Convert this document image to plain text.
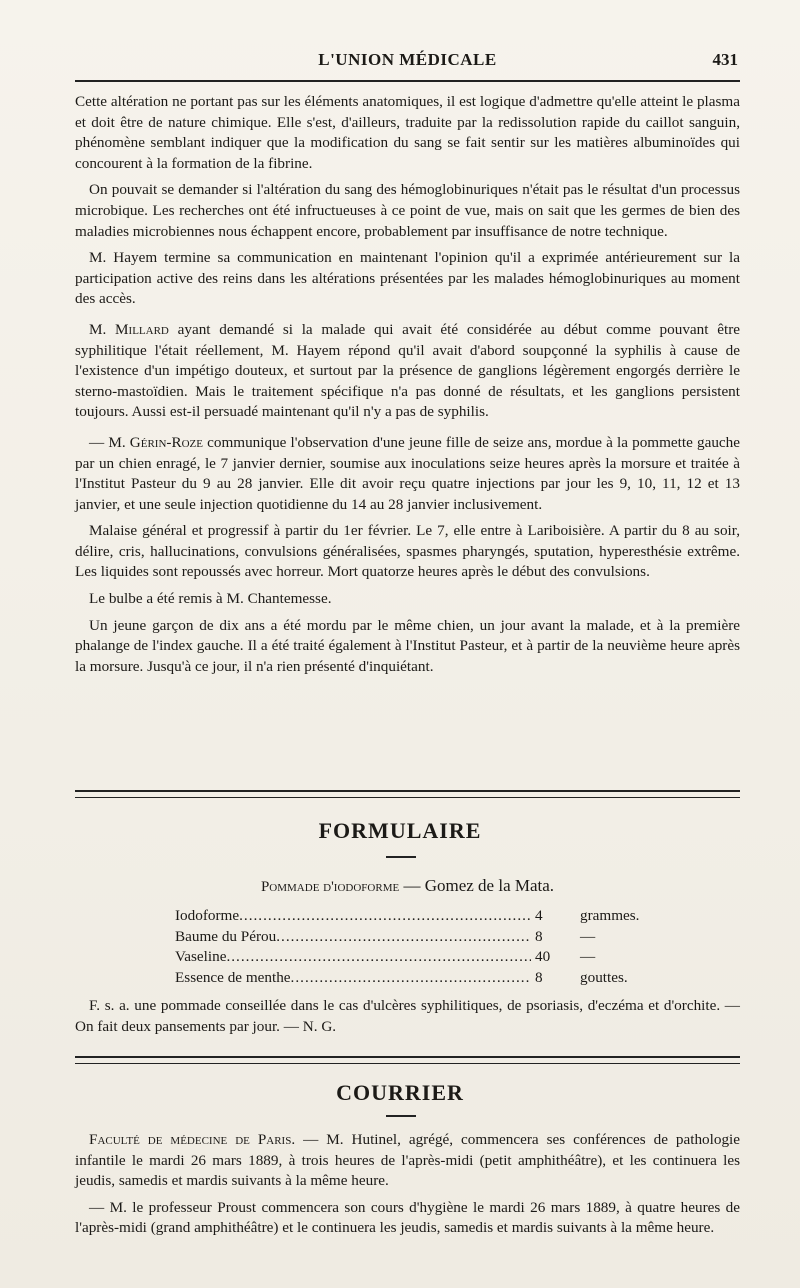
L'UNION MÉDICALE	431

Cette altération ne portant pas sur les éléments anatomiques, il est logique d'admettre qu'elle atteint le plasma et doit être de nature chimique. Elle s'est, d'ailleurs, traduite par la redissolution rapide du caillot sanguin, phénomène semblant indiquer que la modification du sang se fait sentir sur les matières albuminoïdes qui concourent à la formation de la fibrine.

On pouvait se demander si l'altération du sang des hémoglobinuriques n'était pas le résultat d'un processus microbique. Les recherches ont été infructueuses à ce point de vue, mais on sait que les germes de bien des maladies microbiennes nous échappent encore, probablement par insuffisance de notre technique.

M. Hayem termine sa communication en maintenant l'opinion qu'il a exprimée antérieurement sur la participation active des reins dans les altérations présentées par les malades hémoglobinuriques au moment des accès.

M. Millard ayant demandé si la malade qui avait été considérée au début comme pouvant être syphilitique l'était réellement, M. Hayem répond qu'il avait d'abord soupçonné la syphilis à cause de l'existence d'un impétigo douteux, et surtout par la présence de ganglions légèrement engorgés derrière le sterno-mastoïdien. Mais le traitement spécifique n'a pas donné de résultats, et les ganglions persistent toujours. Aussi est-il persuadé maintenant qu'il n'y a pas de syphilis.

— M. Gérin-Roze communique l'observation d'une jeune fille de seize ans, mordue à la pommette gauche par un chien enragé, le 7 janvier dernier, soumise aux inoculations seize heures après la morsure et traitée à l'Institut Pasteur du 9 au 28 janvier. Elle dit avoir reçu quatre injections par jour les 9, 10, 11, 12 et 13 janvier, et une seule injection quotidienne du 14 au 28 janvier inclusivement.

Malaise général et progressif à partir du 1er février. Le 7, elle entre à Lariboisière. A partir du 8 au soir, délire, cris, hallucinations, convulsions généralisées, spasmes pharyngés, sputation, hyperesthésie extrême. Les liquides sont repoussés avec horreur. Mort quatorze heures après le début des convulsions.

Le bulbe a été remis à M. Chantemesse.

Un jeune garçon de dix ans a été mordu par le même chien, un jour avant la malade, et à la première phalange de l'index gauche. Il a été traité également à l'Institut Pasteur, et à partir de la neuvième heure après la morsure. Jusqu'à ce jour, il n'a rien présenté d'inquiétant.

FORMULAIRE
Pommade d'iodoforme — Gomez de la Mata.
Iodoforme .....	4	grammes.
Baume du Pérou .....	8	—
Vaseline .....	40	—
Essence de menthe .....	8	gouttes.

F. s. a. une pommade conseillée dans le cas d'ulcères syphilitiques, de psoriasis, d'eczéma et d'orchite. — On fait deux pansements par jour. — N. G.

COURRIER

Faculté de médecine de Paris. — M. Hutinel, agrégé, commencera ses conférences de pathologie infantile le mardi 26 mars 1889, à trois heures de l'après-midi (petit amphithéâtre), et les continuera les jeudis, samedis et mardis suivants à la même heure.

— M. le professeur Proust commencera son cours d'hygiène le mardi 26 mars 1889, à quatre heures de l'après-midi (grand amphithéâtre) et le continuera les jeudis, samedis et mardis suivants à la même heure.
